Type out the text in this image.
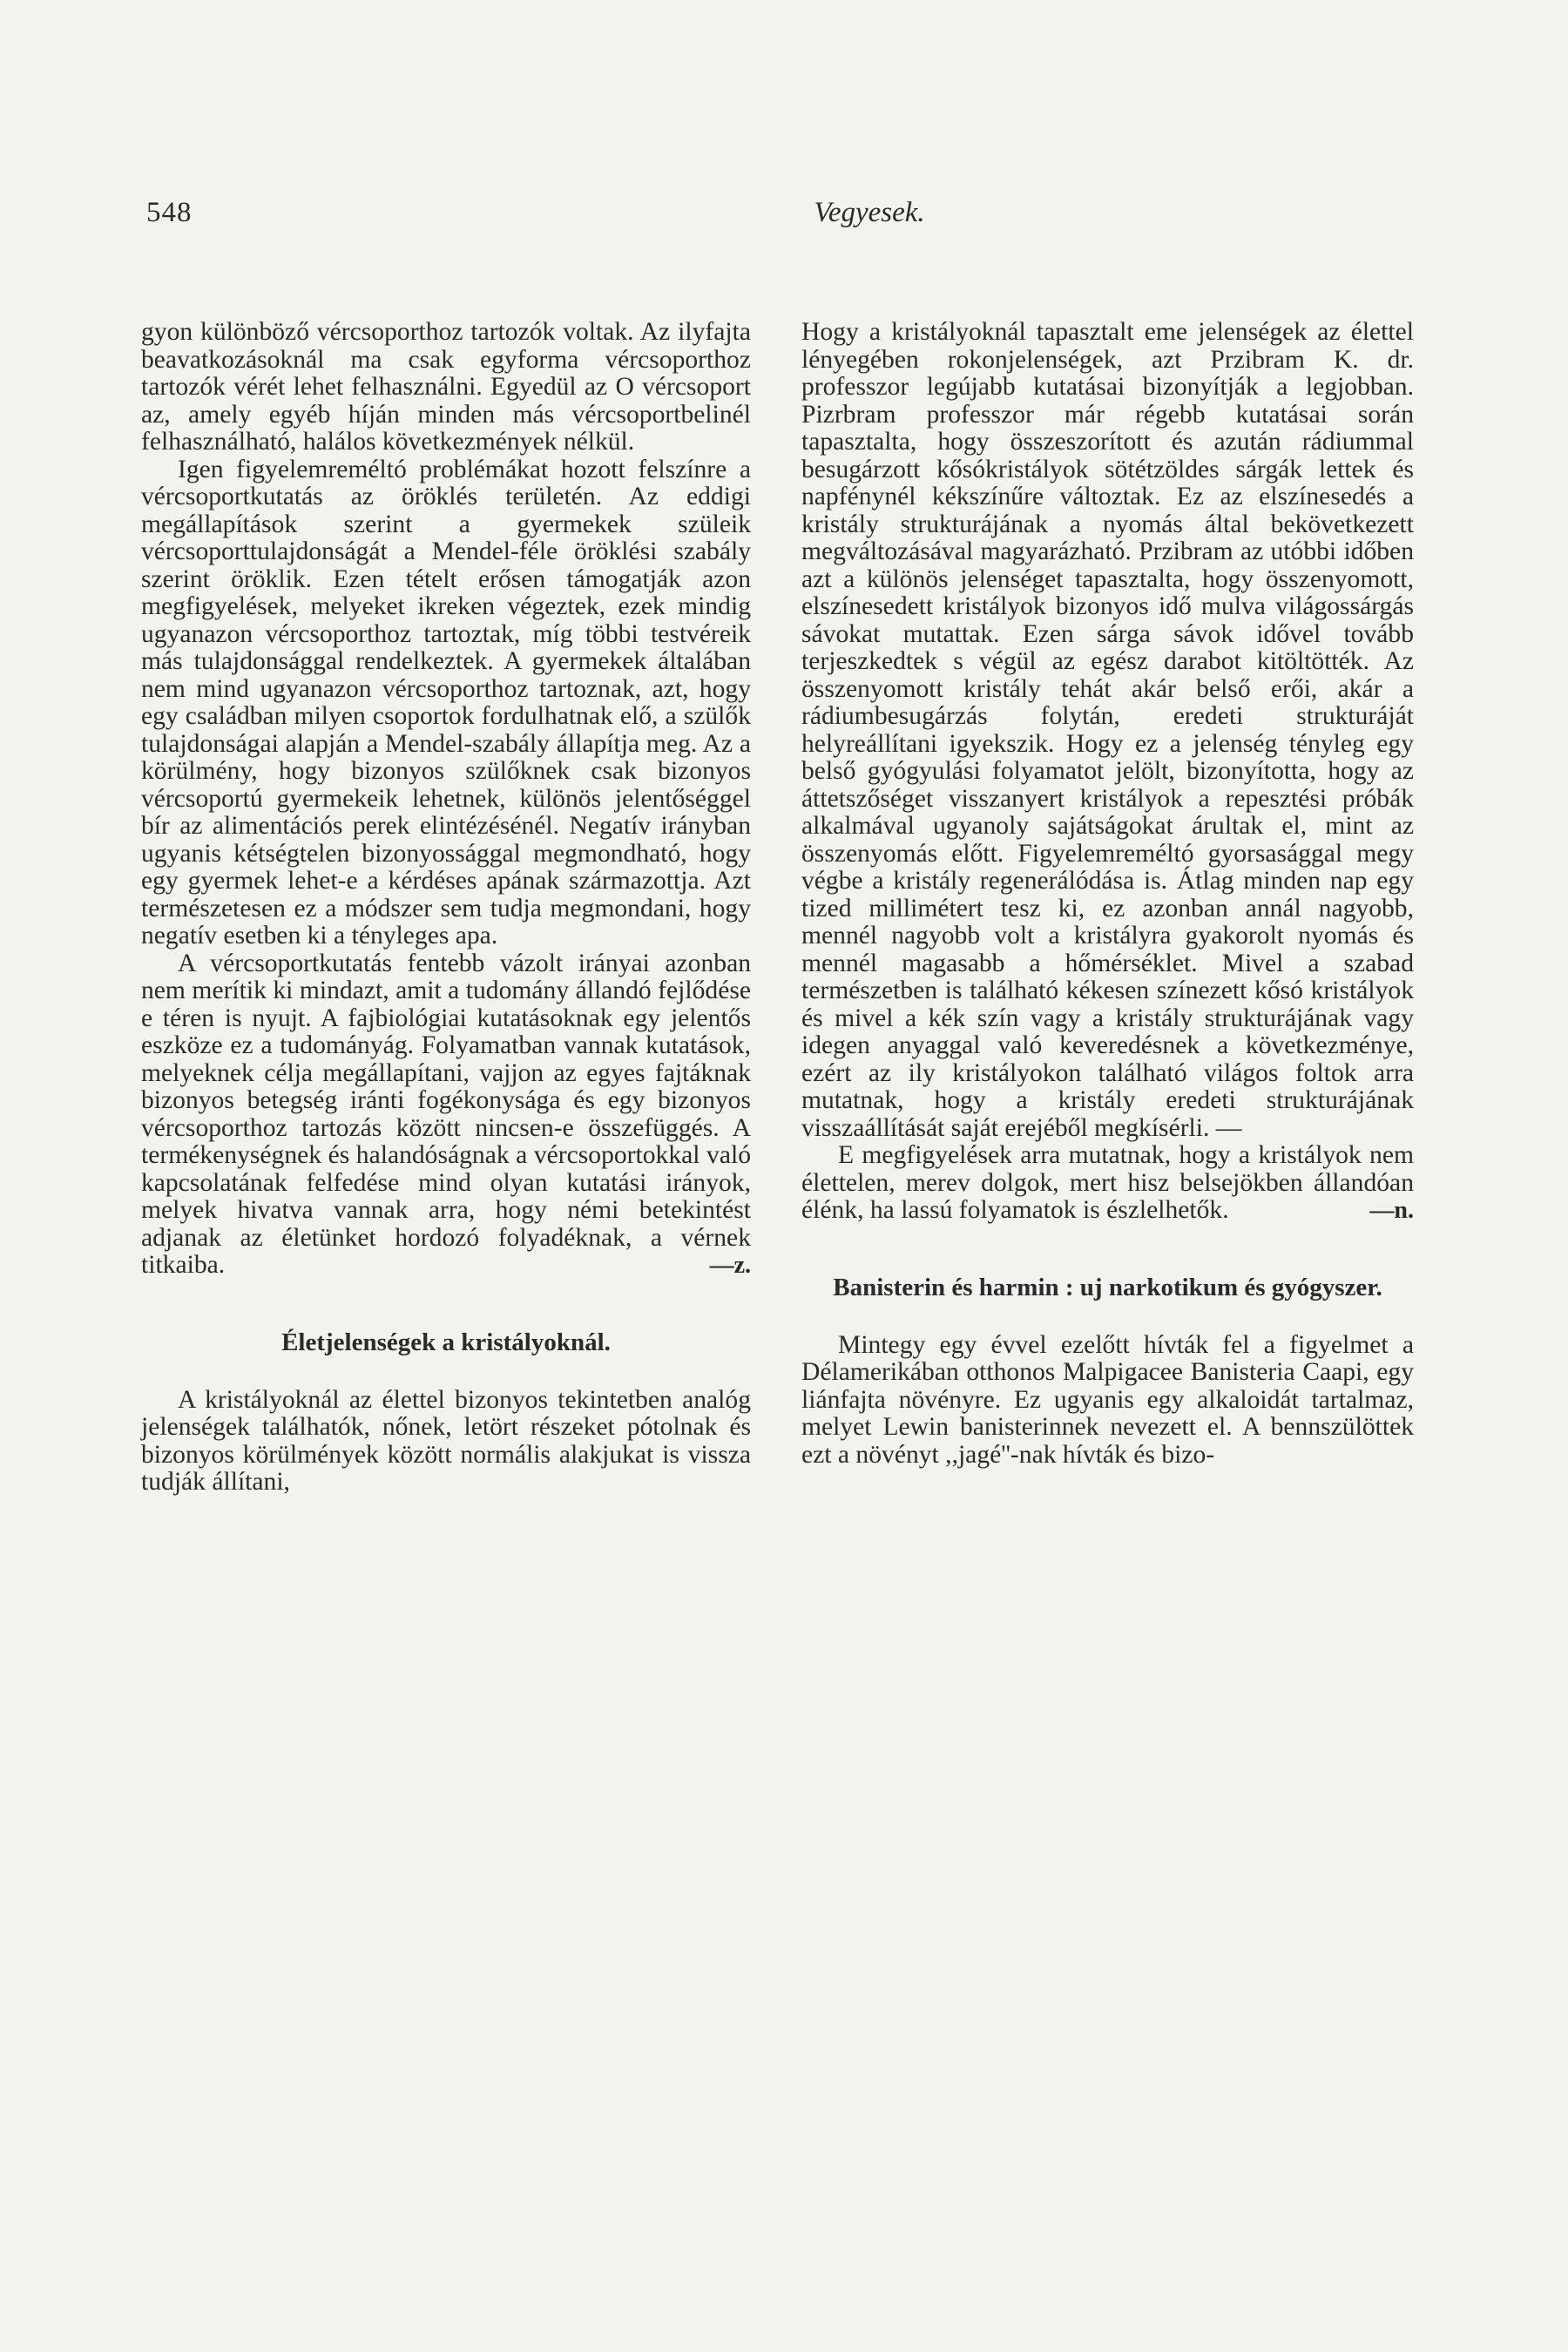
548	Vegyesek.

gyon különböző vércsoporthoz tartozók voltak. Az ilyfajta beavatkozásoknál ma csak egyforma vércsoporthoz tartozók vérét lehet felhasználni. Egyedül az O vércsoport az, amely egyéb híján minden más vércsoportbelinél felhasználható, halálos következmények nélkül.

Igen figyelemreméltó problémákat hozott felszínre a vércsoportkutatás az öröklés területén. Az eddigi megállapítások szerint a gyermekek szüleik vércsoporttulajdonságát a Mendel-féle öröklési szabály szerint öröklik. Ezen tételt erősen támogatják azon megfigyelések, melyeket ikreken végeztek, ezek mindig ugyanazon vércsoporthoz tartoztak, míg többi testvéreik más tulajdonsággal rendelkeztek. A gyermekek általában nem mind ugyanazon vércsoporthoz tartoznak, azt, hogy egy családban milyen csoportok fordulhatnak elő, a szülők tulajdonságai alapján a Mendel-szabály állapítja meg. Az a körülmény, hogy bizonyos szülőknek csak bizonyos vércsoportú gyermekeik lehetnek, különös jelentőséggel bír az alimentációs perek elintézésénél. Negatív irányban ugyanis kétségtelen bizonyossággal megmondható, hogy egy gyermek lehet-e a kérdéses apának származottja. Azt természetesen ez a módszer sem tudja megmondani, hogy negatív esetben ki a tényleges apa.

A vércsoportkutatás fentebb vázolt irányai azonban nem merítik ki mindazt, amit a tudomány állandó fejlődése e téren is nyujt. A fajbiológiai kutatásoknak egy jelentős eszköze ez a tudományág. Folyamatban vannak kutatások, melyeknek célja megállapítani, vajjon az egyes fajtáknak bizonyos betegség iránti fogékonysága és egy bizonyos vércsoporthoz tartozás között nincsen-e összefüggés. A termékenységnek és halandóságnak a vércsoportokkal való kapcsolatának felfedése mind olyan kutatási irányok, melyek hivatva vannak arra, hogy némi betekintést adjanak az életünket hordozó folyadéknak, a vérnek titkaiba.	—z.
Életjelenségek a kristályoknál.

A kristályoknál az élettel bizonyos tekintetben analóg jelenségek találhatók, nőnek, letört részeket pótolnak és bizonyos körülmények között normális alakjukat is vissza tudják állítani,

Hogy a kristályoknál tapasztalt eme jelenségek az élettel lényegében rokonjelenségek, azt Przibram K. dr. professzor legújabb kutatásai bizonyítják a legjobban. Pizrbram professzor már régebb kutatásai során tapasztalta, hogy összeszorított és azután rádiummal besugárzott kősókristályok sötétzöldes sárgák lettek és napfénynél kékszínűre változtak. Ez az elszínesedés a kristály strukturájának a nyomás által bekövetkezett megváltozásával magyarázható. Przibram az utóbbi időben azt a különös jelenséget tapasztalta, hogy összenyomott, elszínesedett kristályok bizonyos idő mulva világossárgás sávokat mutattak. Ezen sárga sávok idővel tovább terjeszkedtek s végül az egész darabot kitöltötték. Az összenyomott kristály tehát akár belső erői, akár a rádiumbesugárzás folytán, eredeti strukturáját helyreállítani igyekszik. Hogy ez a jelenség tényleg egy belső gyógyulási folyamatot jelölt, bizonyította, hogy az áttetszőséget visszanyert kristályok a repesztési próbák alkalmával ugyanoly sajátságokat árultak el, mint az összenyomás előtt. Figyelemreméltó gyorsasággal megy végbe a kristály regenerálódása is. Átlag minden nap egy tized millimétert tesz ki, ez azonban annál nagyobb, mennél nagyobb volt a kristályra gyakorolt nyomás és mennél magasabb a hőmérséklet. Mivel a szabad természetben is található kékesen színezett kősó kristályok és mivel a kék szín vagy a kristály strukturájának vagy idegen anyaggal való keveredésnek a következménye, ezért az ily kristályokon található világos foltok arra mutatnak, hogy a kristály eredeti strukturájának visszaállítását saját erejéből megkísérli. —

E megfigyelések arra mutatnak, hogy a kristályok nem élettelen, merev dolgok, mert hisz belsejökben állandóan élénk, ha lassú folyamatok is észlelhetők.	—n.
Banisterin és harmin : uj narkotikum és gyógyszer.

Mintegy egy évvel ezelőtt hívták fel a figyelmet a Délamerikában otthonos Malpigacee Banisteria Caapi, egy liánfajta növényre. Ez ugyanis egy alkaloidát tartalmaz, melyet Lewin banisterinnek nevezett el. A bennszülöttek ezt a növényt ,,jagé''-nak hívták és bizo-
